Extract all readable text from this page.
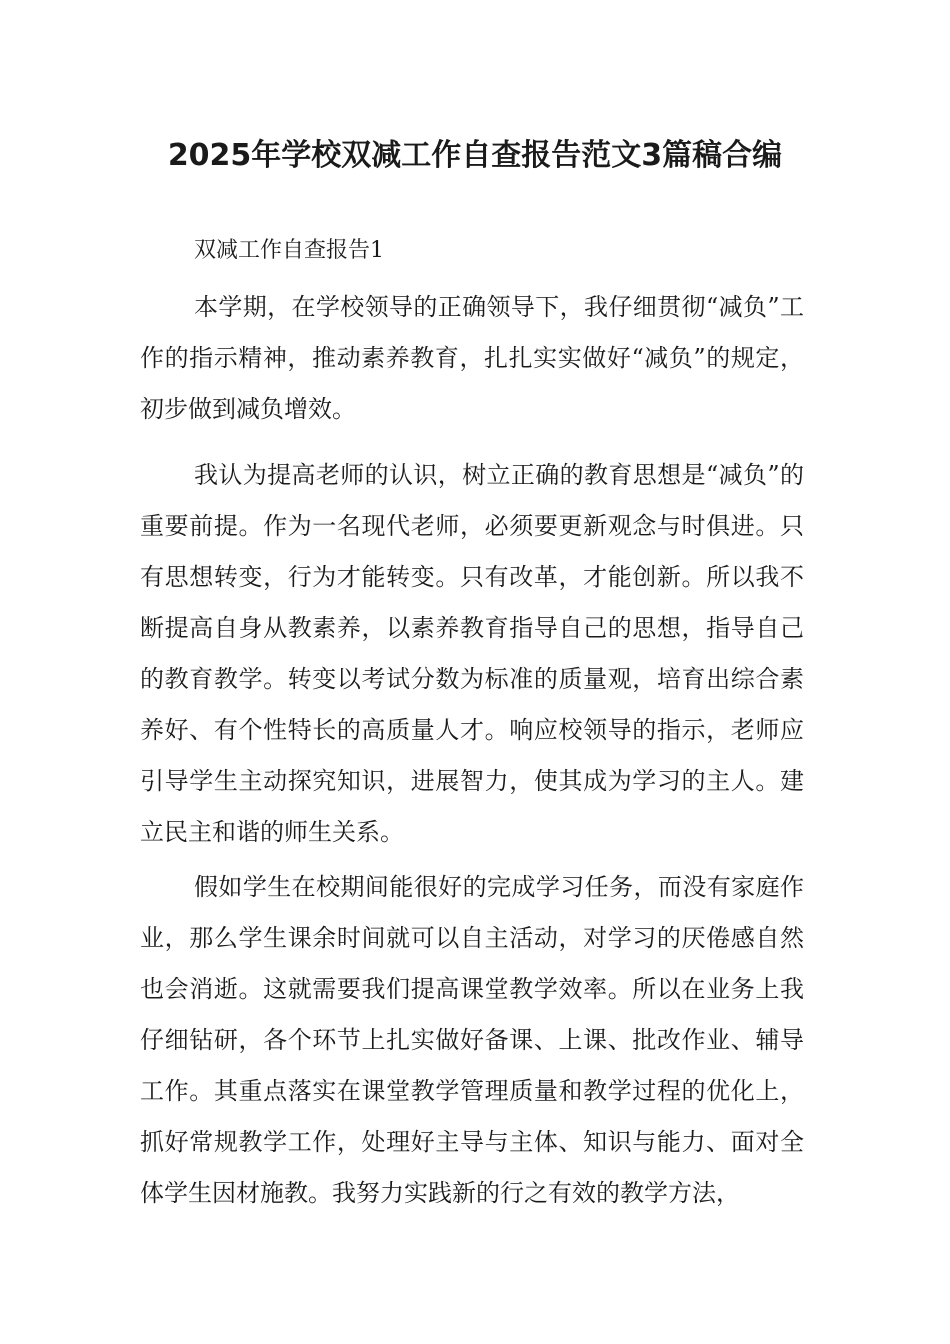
2025年学校双减工作自查报告范文3篇稿合编
双减工作自查报告1

本学期，在学校领导的正确领导下，我仔细贯彻“减负”工作的指示精神，推动素养教育，扎扎实实做好“减负”的规定，初步做到减负增效。

我认为提高老师的认识，树立正确的教育思想是“减负”的重要前提。作为一名现代老师，必须要更新观念与时俱进。只有思想转变，行为才能转变。只有改革，才能创新。所以我不断提高自身从教素养，以素养教育指导自己的思想，指导自己的教育教学。转变以考试分数为标准的质量观，培育出综合素养好、有个性特长的高质量人才。响应校领导的指示，老师应引导学生主动探究知识，进展智力，使其成为学习的主人。建立民主和谐的师生关系。

假如学生在校期间能很好的完成学习任务，而没有家庭作业，那么学生课余时间就可以自主活动，对学习的厌倦感自然也会消逝。这就需要我们提高课堂教学效率。所以在业务上我仔细钻研，各个环节上扎实做好备课、上课、批改作业、辅导工作。其重点落实在课堂教学管理质量和教学过程的优化上，抓好常规教学工作，处理好主导与主体、知识与能力、面对全体学生因材施教。我努力实践新的行之有效的教学方法，
